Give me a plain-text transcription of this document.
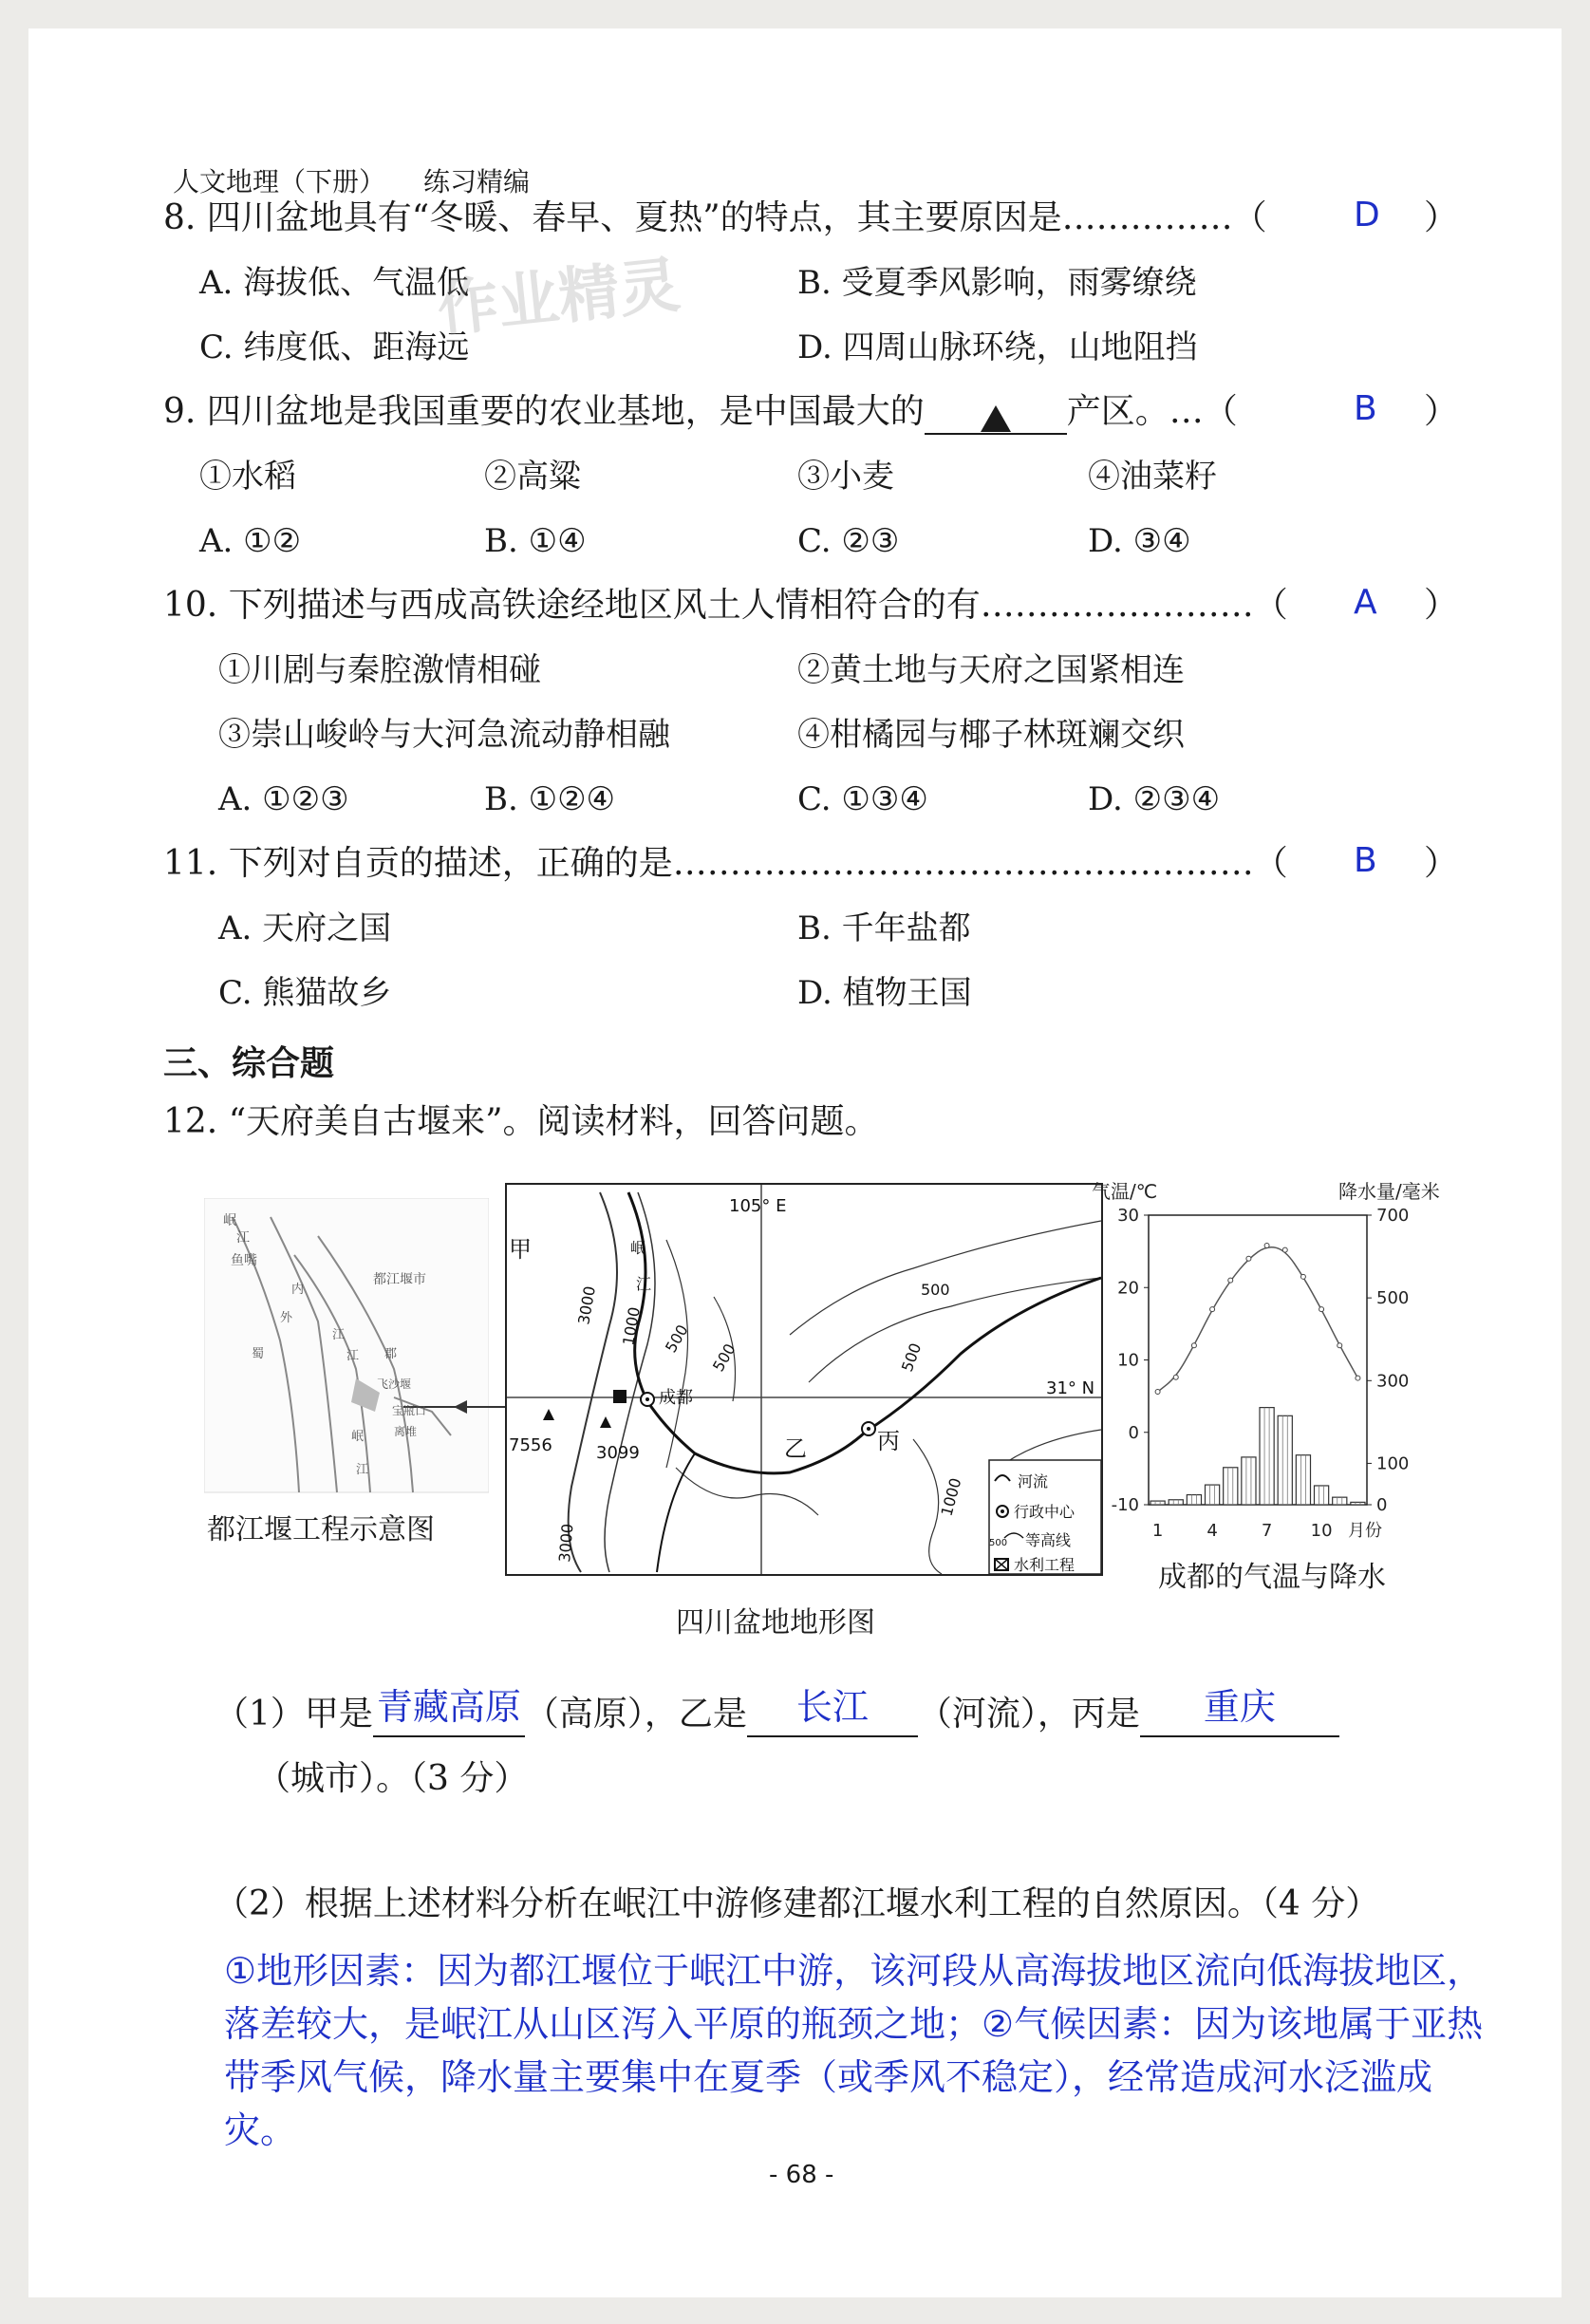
人文地理（下册） 练习精编
8. 四川盆地具有“冬暖、春早、夏热”的特点，其主要原因是……………（	D ）
A. 海拔低、气温低	B. 受夏季风影响，雨雾缭绕
C. 纬度低、距海远	D. 四周山脉环绕，山地阻挡
作业精灵
9. 四川盆地是我国重要的农业基地，是中国最大的	产区。…（	B ）
①水稻	②高粱	③小麦	④油菜籽
A. ①②	B. ①④	C. ②③	D. ③④
10. 下列描述与西成高铁途经地区风土人情相符合的有……………………（ A ）
①川剧与秦腔激情相碰	②黄土地与天府之国紧相连
③崇山峻岭与大河急流动静相融	④柑橘园与椰子林斑斓交织
A. ①②③	B. ①②④	C. ①③④	D. ②③④
11. 下列对自贡的描述，正确的是……………………………………………（ B ）
A. 天府之国	B. 千年盐都
C. 熊猫故乡	D. 植物王国
三、综合题
12. “天府美自古堰来”。阅读材料，回答问题。
岷
江
鱼嘴
内
外
都江堰市
江 郡
飞沙堰
宝瓶口
离堆
岷
江
江
蜀
都江堰工程示意图
105° E
31° N
甲
乙	丙
成都
岷
江
3000
1000 500
500
500
500
1000
3000
7556	3099
河流
行政中心
500 等高线
水利工程
四川盆地地形图
气温/℃	降水量/毫米
30
20
10
0
-10
700
500
300
100
0
1	4	7 10 月份
成都的气温与降水
（1）甲是 青藏高原 （高原），乙是	长江	（河流），丙是	重庆
（城市）。（3 分）
（2）根据上述材料分析在岷江中游修建都江堰水利工程的自然原因。（4 分）
①地形因素：因为都江堰位于岷江中游，该河段从高海拔地区流向低海拔地区，落差较大，是岷江从山区泻入平原的瓶颈之地；②气候因素：因为该地属于亚热带季风气候，降水量主要集中在夏季（或季风不稳定），经常造成河水泛滥成灾。
- 68 -
